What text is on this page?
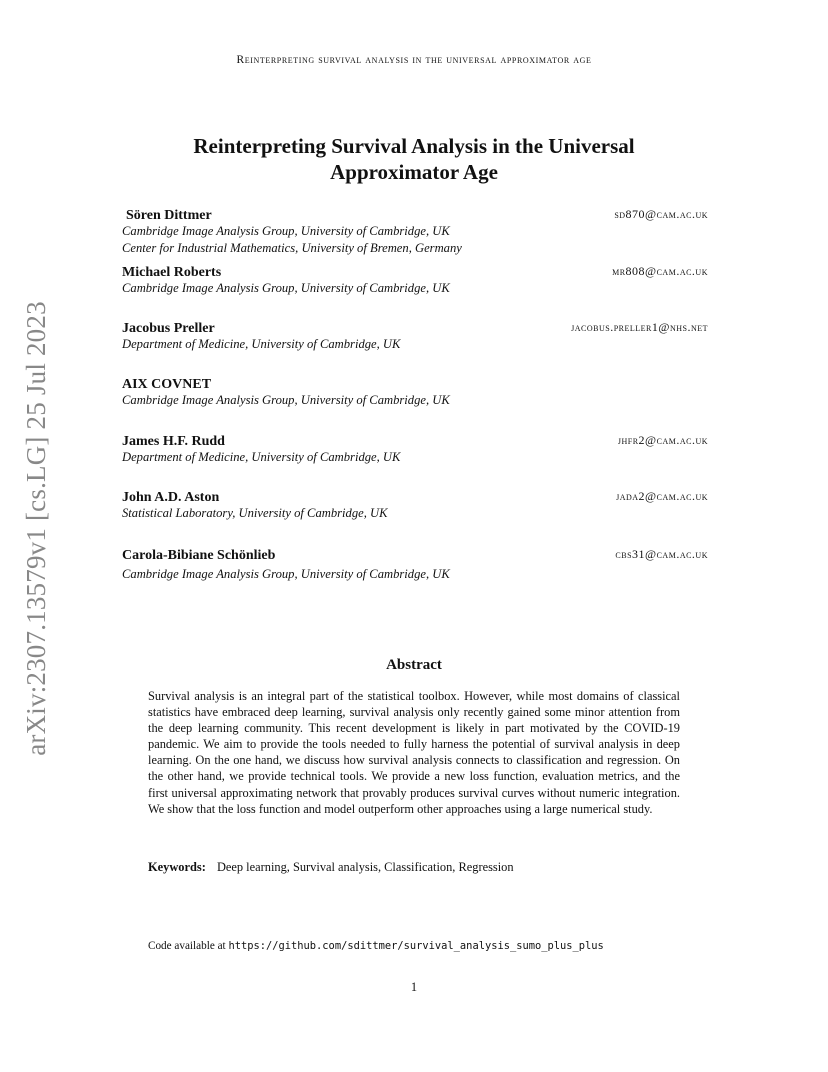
Reinterpreting survival analysis in the universal approximator age
Reinterpreting Survival Analysis in the Universal
Approximator Age
arXiv:2307.13579v1 [cs.LG] 25 Jul 2023
Sören Dittmer	sd870@cam.ac.uk
Cambridge Image Analysis Group, University of Cambridge, UK
Center for Industrial Mathematics, University of Bremen, Germany
Michael Roberts	mr808@cam.ac.uk
Cambridge Image Analysis Group, University of Cambridge, UK
Jacobus Preller	jacobus.preller1@nhs.net
Department of Medicine, University of Cambridge, UK
AIX COVNET
Cambridge Image Analysis Group, University of Cambridge, UK
James H.F. Rudd	jhfr2@cam.ac.uk
Department of Medicine, University of Cambridge, UK
John A.D. Aston	jada2@cam.ac.uk
Statistical Laboratory, University of Cambridge, UK
Carola-Bibiane Schönlieb	cbs31@cam.ac.uk
Cambridge Image Analysis Group, University of Cambridge, UK
Abstract

Survival analysis is an integral part of the statistical toolbox. However, while most domains of classical statistics have embraced deep learning, survival analysis only recently gained some minor attention from the deep learning community. This recent development is likely in part motivated by the COVID-19 pandemic. We aim to provide the tools needed to fully harness the potential of survival analysis in deep learning. On the one hand, we discuss how survival analysis connects to classification and regression. On the other hand, we provide technical tools. We provide a new loss function, evaluation metrics, and the first universal approximating network that provably produces survival curves without numeric integration. We show that the loss function and model outperform other approaches using a large numerical study.

Keywords: Deep learning, Survival analysis, Classification, Regression
Code available at https://github.com/sdittmer/survival_analysis_sumo_plus_plus
1
